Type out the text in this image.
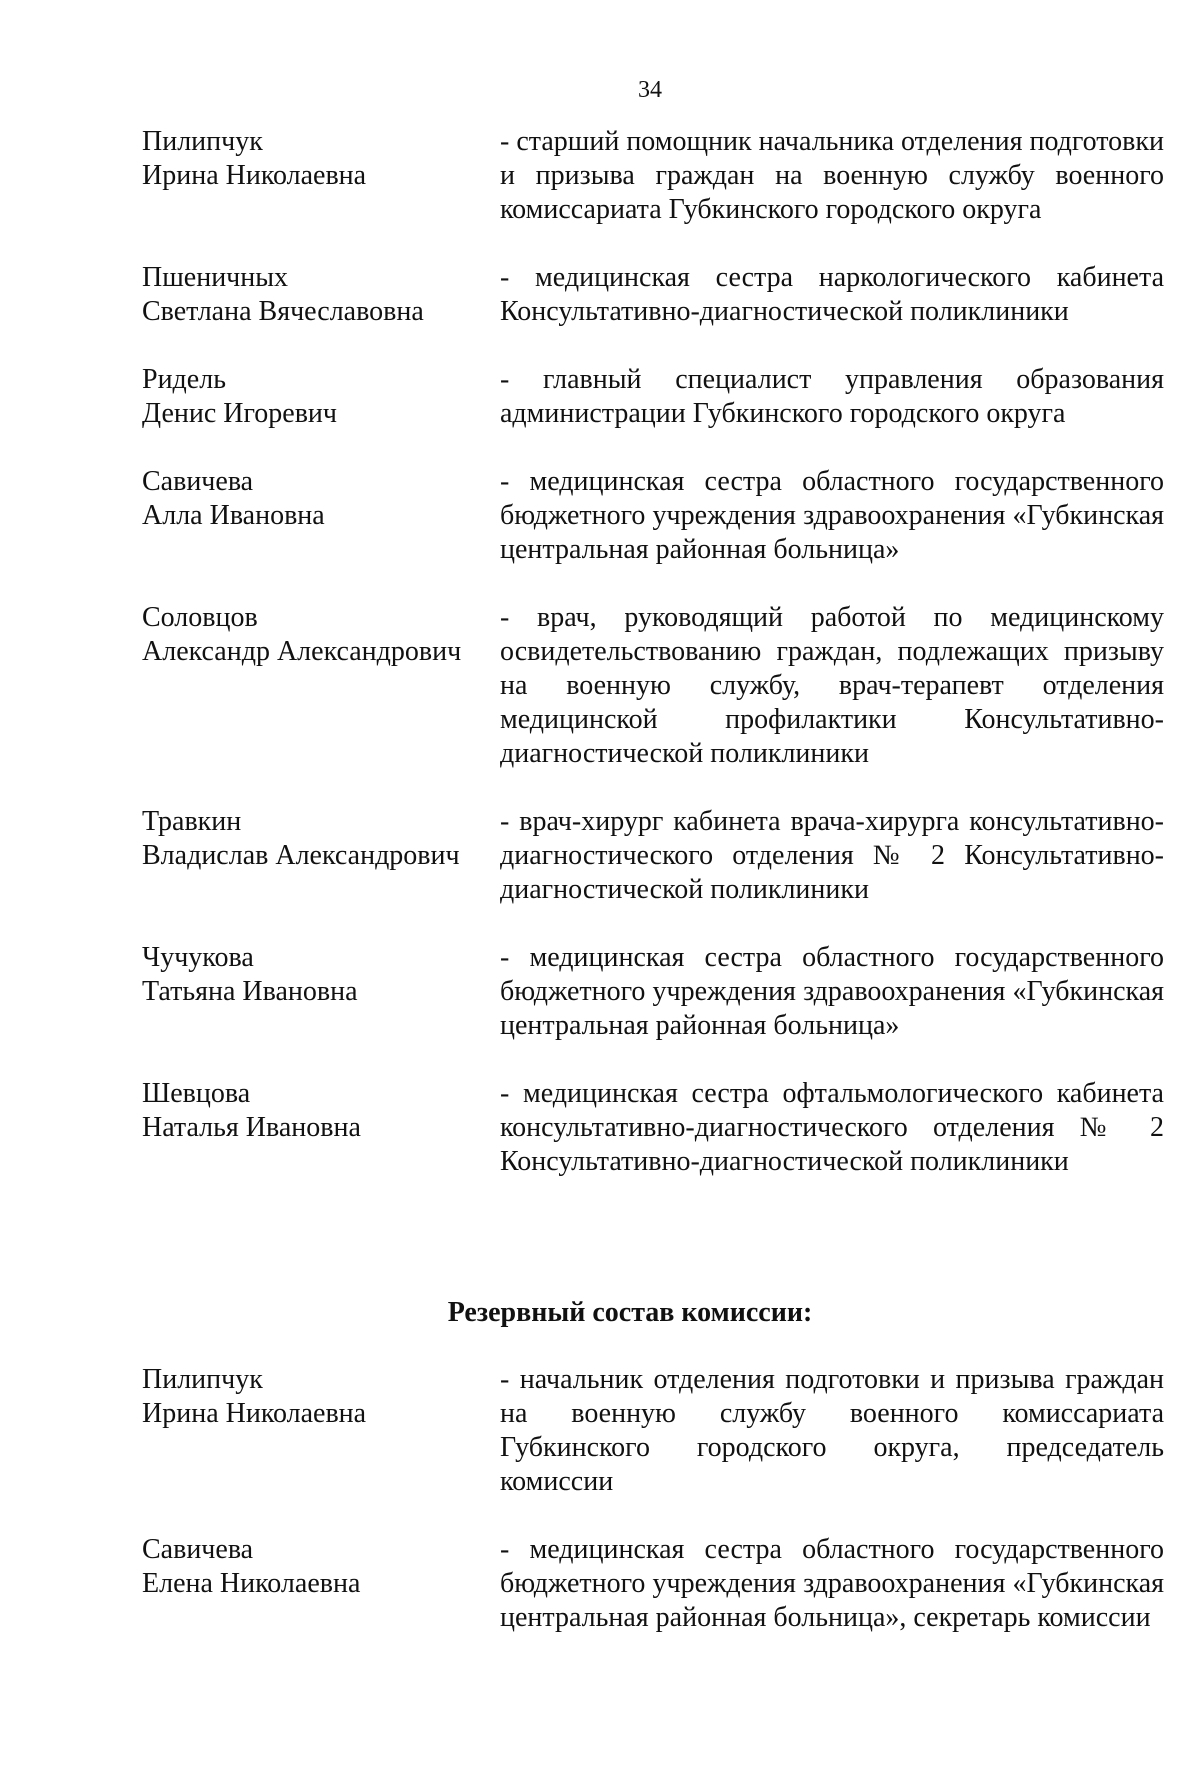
34
Пилипчук
Ирина Николаевна
- старший помощник начальника отделения подготовки и призыва граждан на военную службу военного комиссариата Губкинского городского округа
Пшеничных
Светлана Вячеславовна
- медицинская сестра наркологического кабинета Консультативно-диагностической поликлиники
Ридель
Денис Игоревич
- главный специалист управления образования администрации Губкинского городского округа
Савичева
Алла Ивановна
- медицинская сестра областного государственного бюджетного учреждения здравоохранения «Губкинская центральная районная больница»
Соловцов
Александр Александрович
- врач, руководящий работой по медицинскому освидетельствованию граждан, подлежащих призыву на военную службу, врач-терапевт отделения медицинской профилактики Консультативно-диагностической поликлиники
Травкин
Владислав Александрович
- врач-хирург кабинета врача-хирурга консультативно-диагностического отделения № 2 Консультативно-диагностической поликлиники
Чучукова
Татьяна Ивановна
- медицинская сестра областного государственного бюджетного учреждения здравоохранения «Губкинская центральная районная больница»
Шевцова
Наталья Ивановна
- медицинская сестра офтальмологического кабинета консультативно-диагностического отделения № 2 Консультативно-диагностической поликлиники
Резервный состав комиссии:
Пилипчук
Ирина Николаевна
- начальник отделения подготовки и призыва граждан на военную службу военного комиссариата Губкинского городского округа, председатель комиссии
Савичева
Елена Николаевна
- медицинская сестра областного государственного бюджетного учреждения здравоохранения «Губкинская центральная районная больница», секретарь комиссии
